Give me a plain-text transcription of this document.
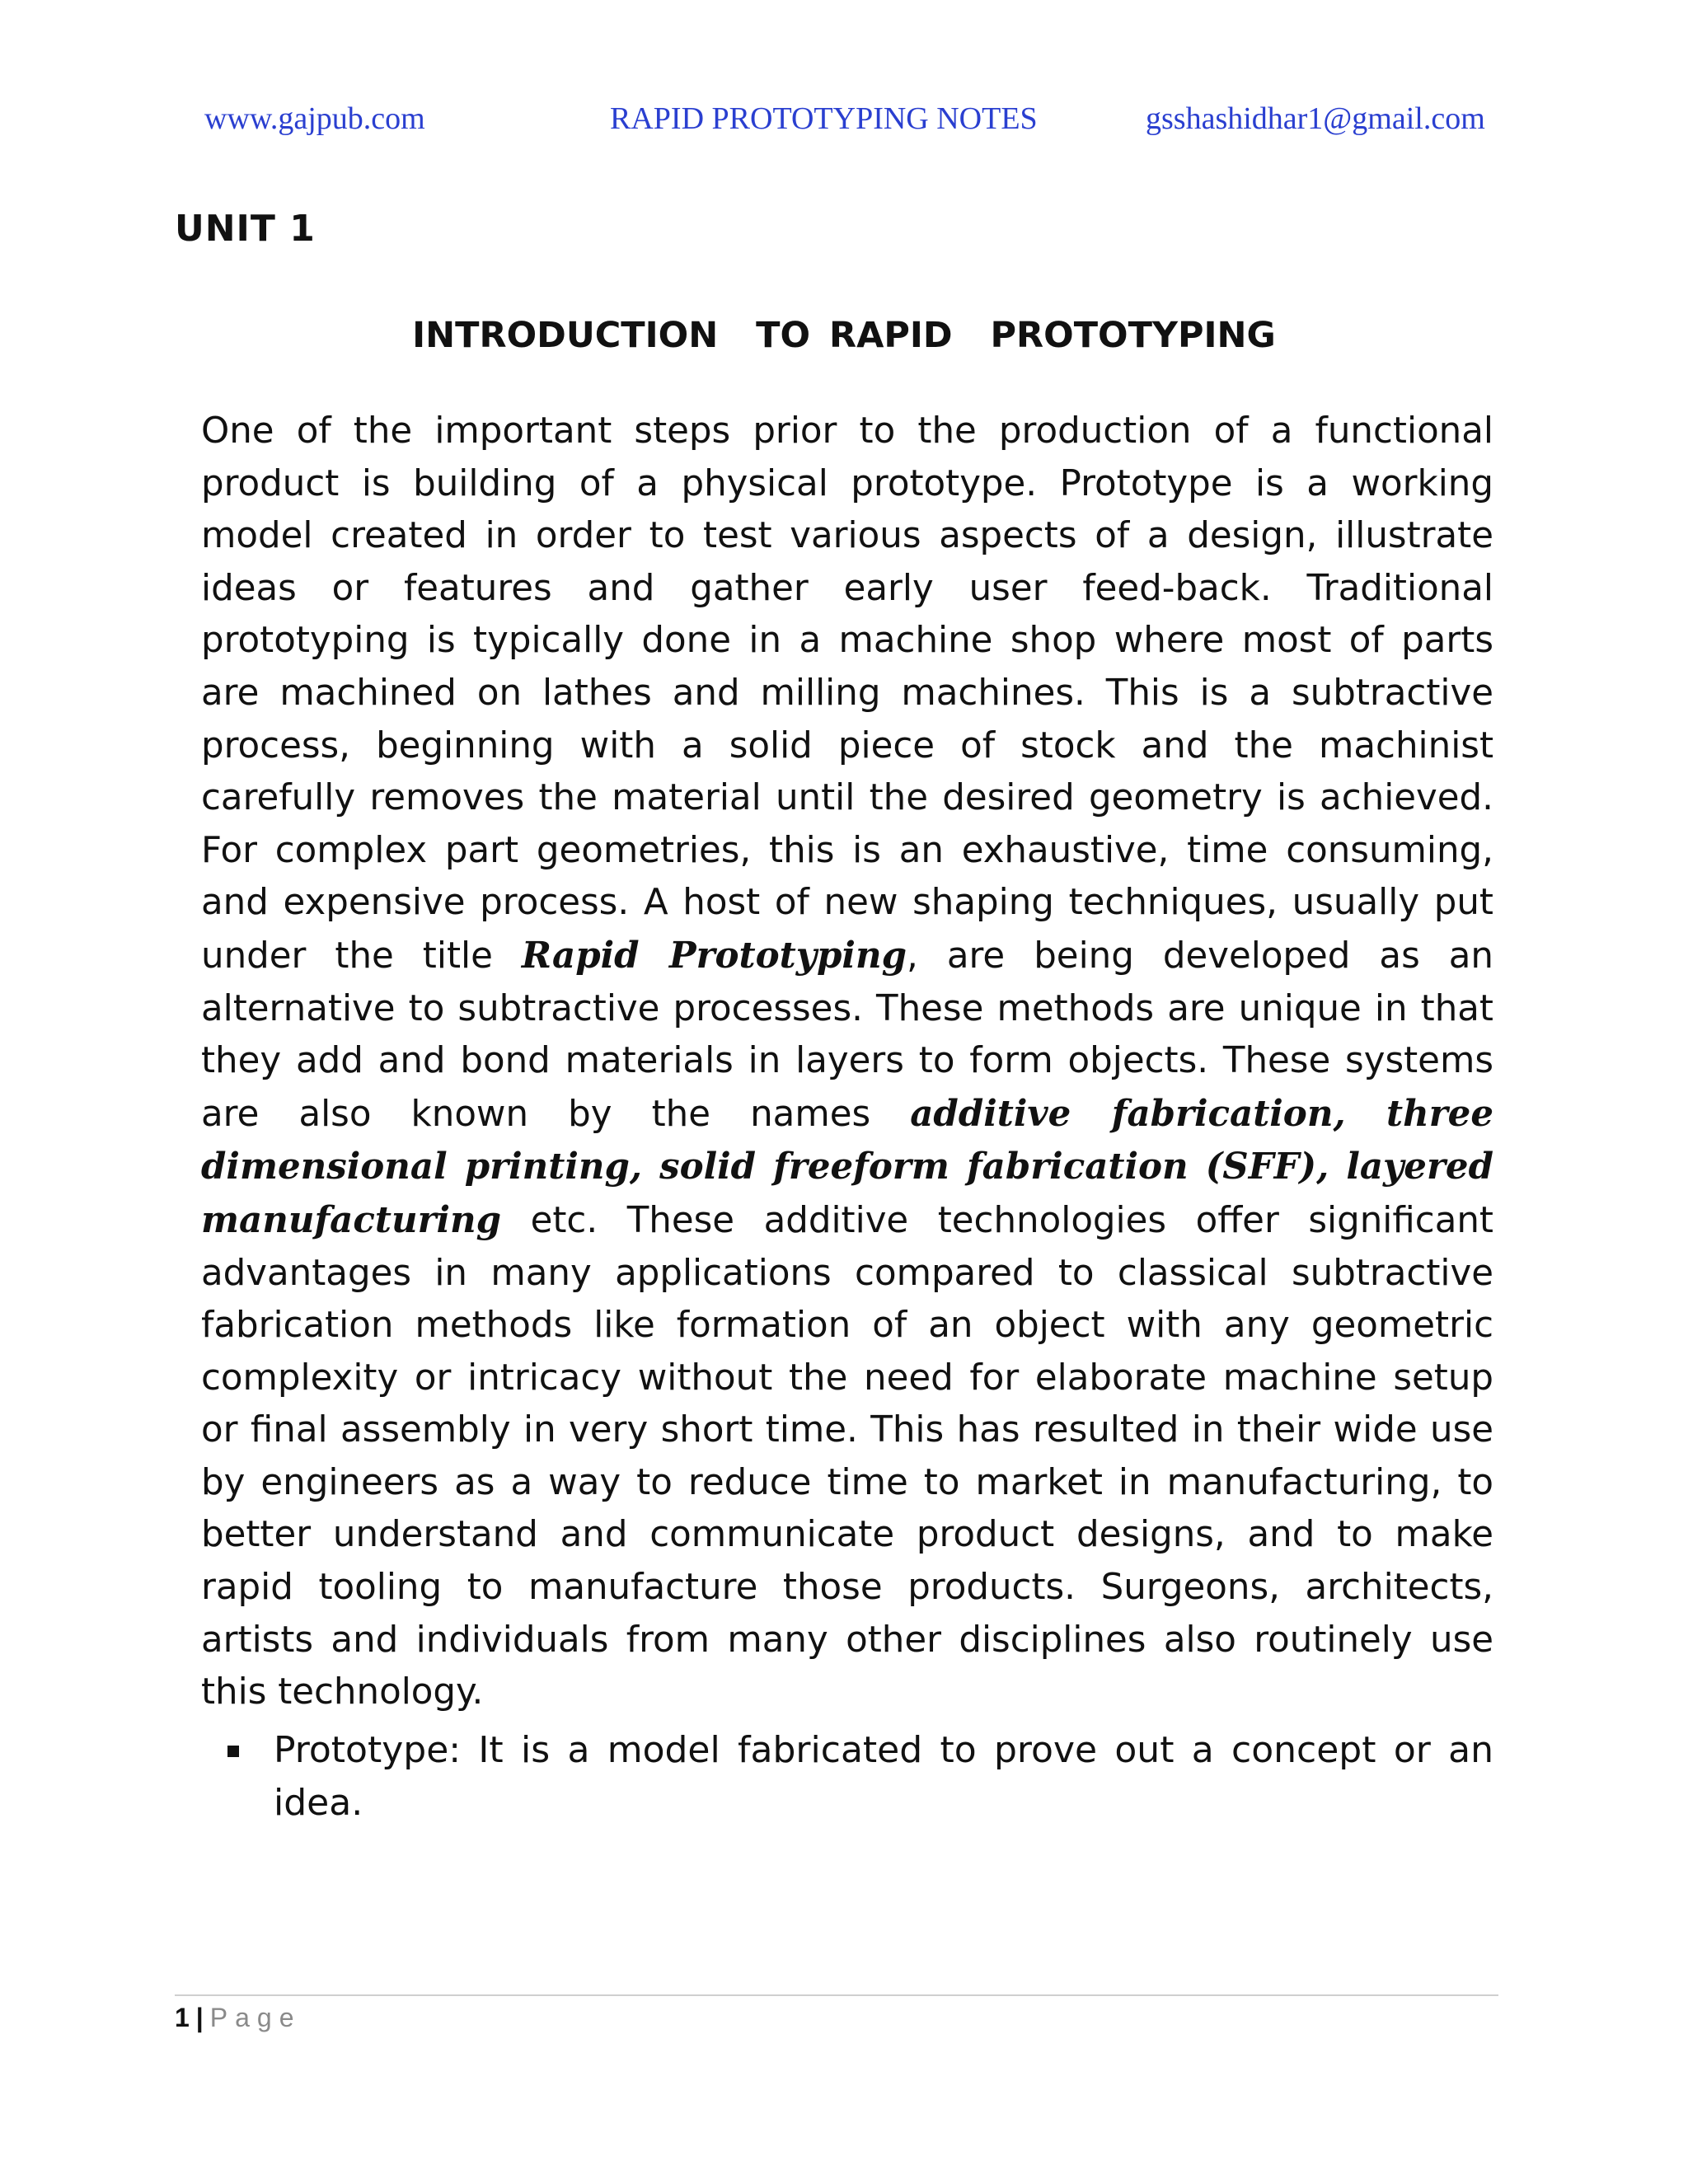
www.gajpub.com	RAPID PROTOTYPING NOTES	gsshashidhar1@gmail.com
UNIT 1
INTRODUCTION  TO RAPID  PROTOTYPING

One of the important steps prior to the production of a functional product is building of a physical prototype. Prototype is a working model created in order to test various aspects of a design, illustrate ideas or features and gather early user feed-back. Traditional prototyping is typically done in a machine shop where most of parts are machined on lathes and milling machines. This is a subtractive process, beginning with a solid piece of stock and the machinist carefully removes the material until the desired geometry is achieved. For complex part geometries, this is an exhaustive, time consuming, and expensive process. A host of new shaping techniques, usually put under the title Rapid Prototyping, are being developed as an alternative to subtractive processes. These methods are unique in that they add and bond materials in layers to form objects. These systems are also known by the names additive fabrication, three dimensional printing, solid freeform fabrication (SFF), layered manufacturing etc. These additive technologies offer significant advantages in many applications compared to classical subtractive fabrication methods like formation of an object with any geometric complexity or intricacy without the need for elaborate machine setup or final assembly in very short time. This has resulted in their wide use by engineers as a way to reduce time to market in manufacturing, to better understand and communicate product designs, and to make rapid tooling to manufacture those products. Surgeons, architects, artists and individuals from many other disciplines also routinely use this technology.

Prototype: It is a model fabricated to prove out a concept or an idea.

1 | Page
